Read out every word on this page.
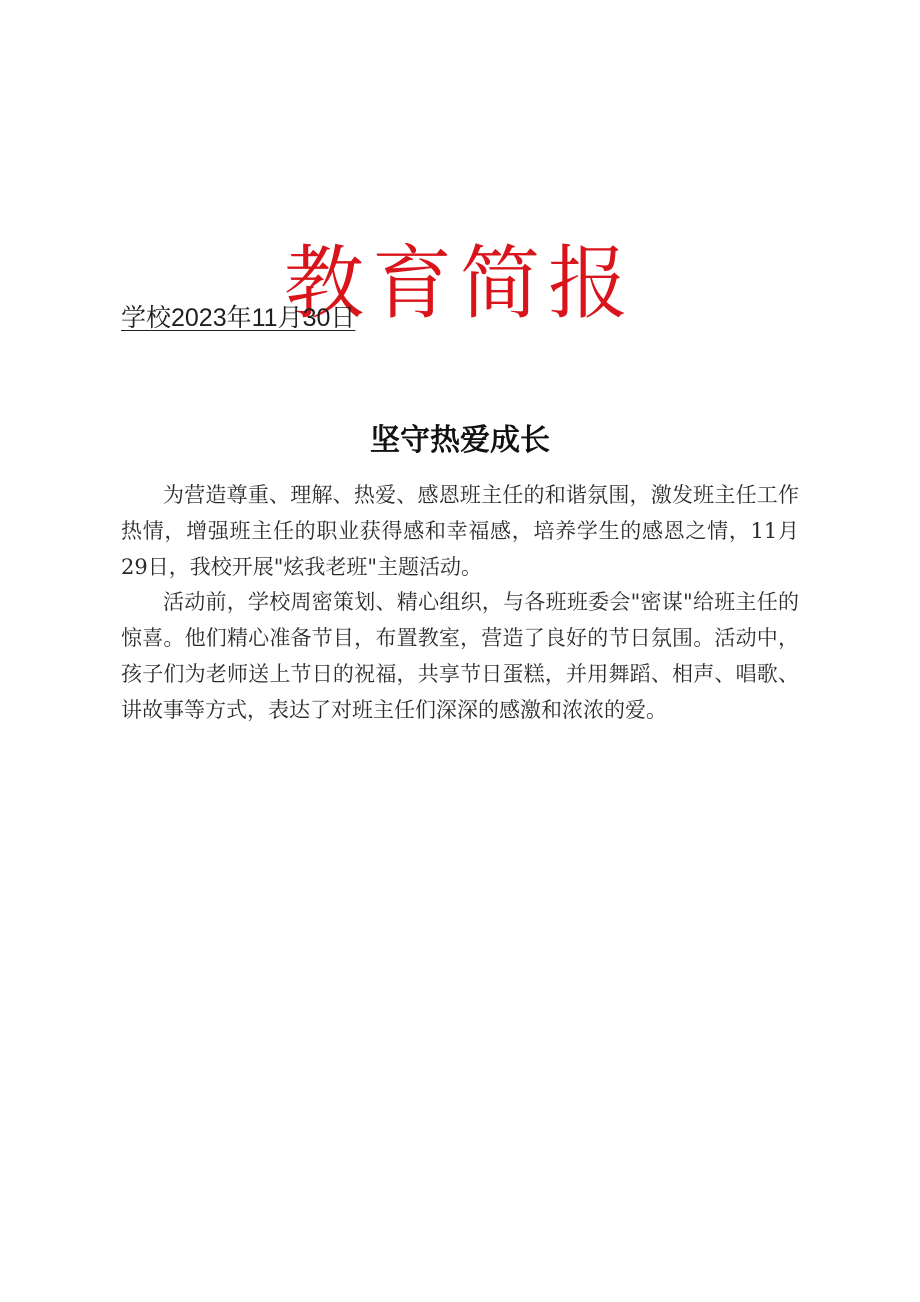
教育简报
学校2023年11月30日
坚守热爱成长

为营造尊重、理解、热爱、感恩班主任的和谐氛围，激发班主任工作热情，增强班主任的职业获得感和幸福感，培养学生的感恩之情，11月29日，我校开展"炫我老班"主题活动。

活动前，学校周密策划、精心组织，与各班班委会"密谋"给班主任的惊喜。他们精心准备节目，布置教室，营造了良好的节日氛围。活动中，孩子们为老师送上节日的祝福，共享节日蛋糕，并用舞蹈、相声、唱歌、讲故事等方式，表达了对班主任们深深的感激和浓浓的爱。
